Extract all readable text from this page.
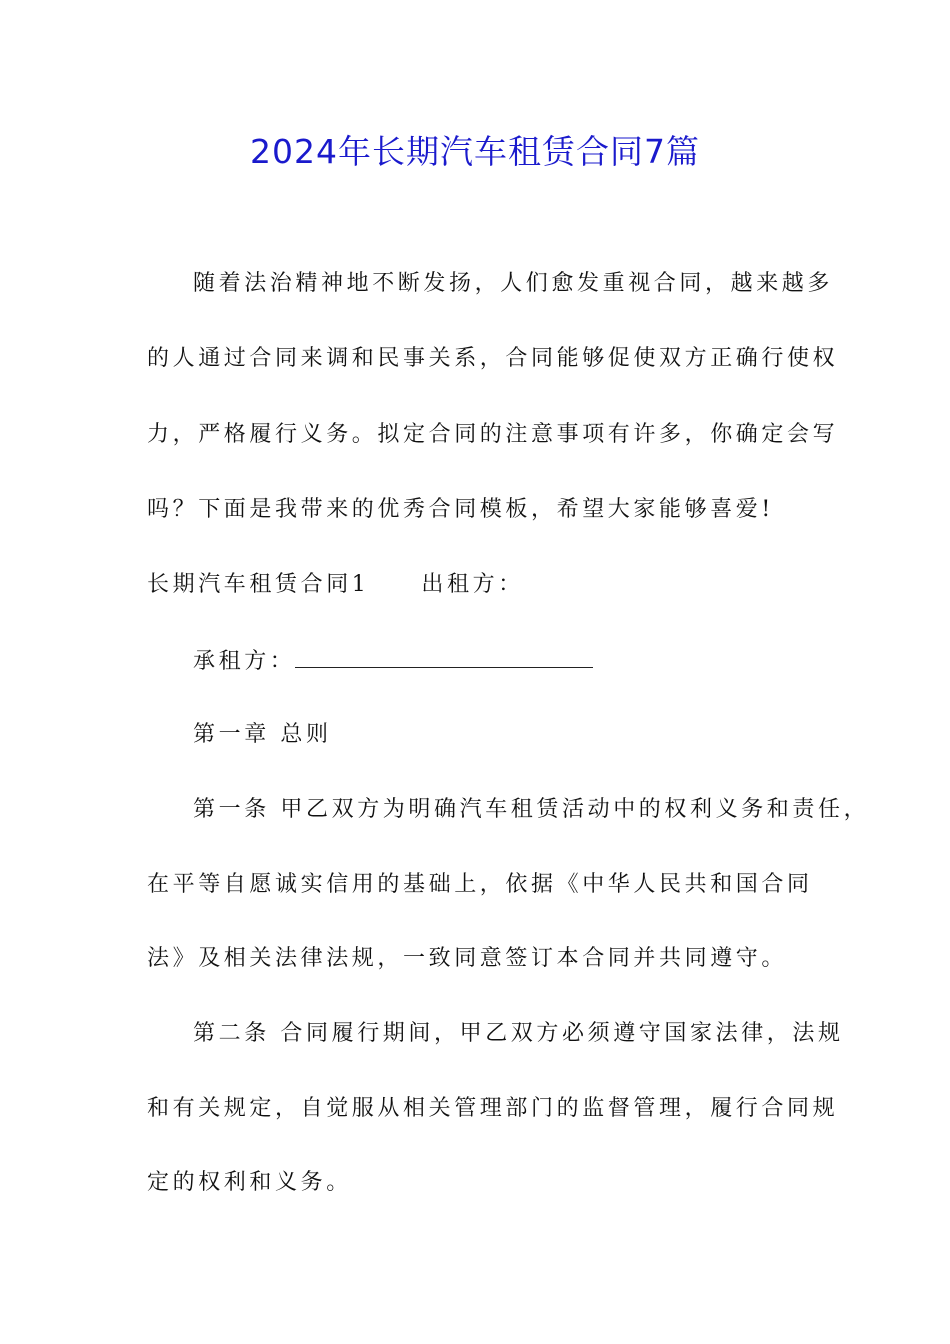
2024年长期汽车租赁合同7篇
随着法治精神地不断发扬，人们愈发重视合同，越来越多
的人通过合同来调和民事关系，合同能够促使双方正确行使权
力，严格履行义务。拟定合同的注意事项有许多，你确定会写
吗？下面是我带来的优秀合同模板，希望大家能够喜爱!
长期汽车租赁合同1 出租方：
承租方：
第一章 总则
第一条 甲乙双方为明确汽车租赁活动中的权利义务和责任，
在平等自愿诚实信用的基础上，依据《中华人民共和国合同
法》及相关法律法规，一致同意签订本合同并共同遵守。
第二条 合同履行期间，甲乙双方必须遵守国家法律，法规
和有关规定，自觉服从相关管理部门的监督管理，履行合同规
定的权利和义务。
